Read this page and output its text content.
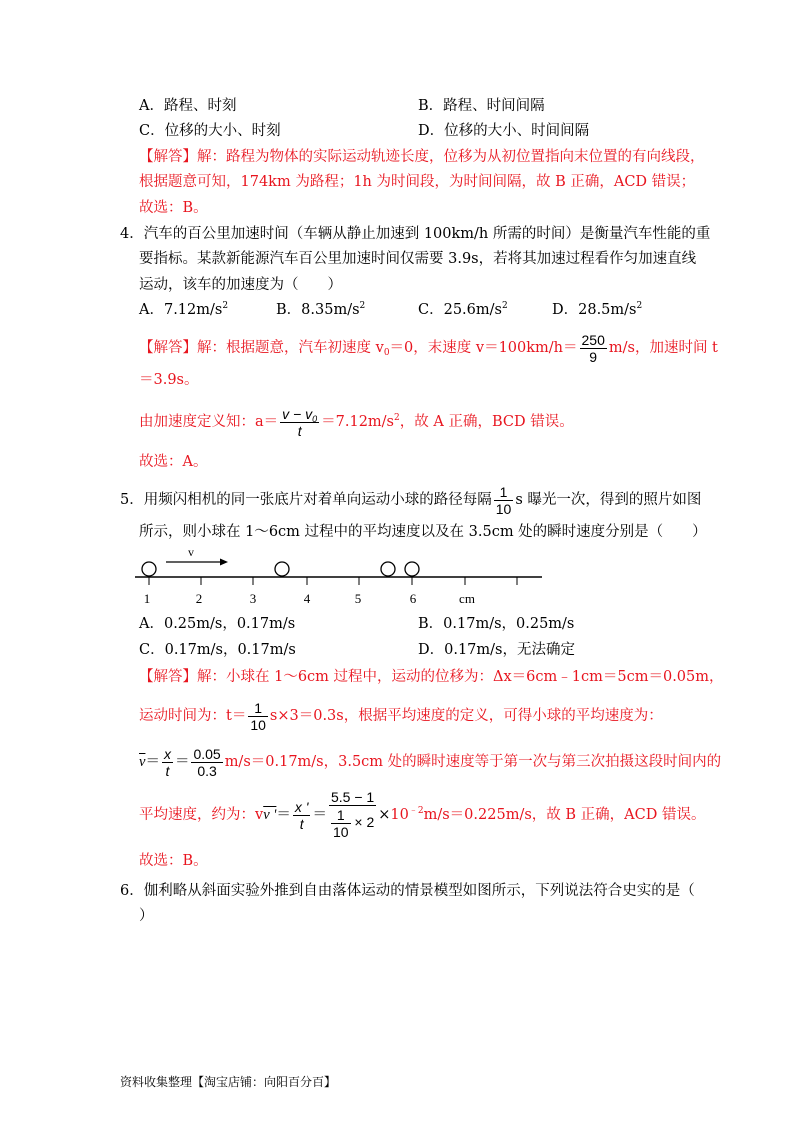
A．路程、时刻	B．路程、时间间隔
C．位移的大小、时刻	D．位移的大小、时间间隔
【解答】解：路程为物体的实际运动轨迹长度，位移为从初位置指向末位置的有向线段，
根据题意可知，174km 为路程；1h 为时间段，为时间间隔，故 B 正确，ACD 错误；
故选：B。
4．汽车的百公里加速时间（车辆从静止加速到 100km/h 所需的时间）是衡量汽车性能的重
要指标。某款新能源汽车百公里加速时间仅需要 3.9s，若将其加速过程看作匀加速直线
运动，该车的加速度为（　　）
A．$7.12m/s^2$	B．$8.35m/s^2$	C．$25.6m/s^2$	D．$28.5m/s^2$
【解答】解：根据题意，汽车初速度 $v_0=0$，末速度 $v=100km/h= \frac{250}{9} m/s$，加速时间 t
＝3.9s。
由加速度定义知：$a= \frac{v - v_0}{t} =7.12m/s^2$，故 A 正确，BCD 错误。
故选：A。
5．用频闪相机的同一张底片对着单向运动小球的路径每隔 $\frac{1}{10}$ s 曝光一次，得到的照片如图
所示，则小球在 1～6cm 过程中的平均速度以及在 3.5cm 处的瞬时速度分别是（　　）
v
1	2	3	4	5	6	cm
A．0.25m/s，0.17m/s	B．0.17m/s，0.25m/s
C．0.17m/s，0.17m/s	D．0.17m/s，无法确定
【解答】解：小球在 1～6cm 过程中，运动的位移为：Δx＝6cm﹣1cm＝5cm＝0.05m，
运动时间为：$t= \frac{1}{10} s\times 3=0.3s$，根据平均速度的定义，可得小球的平均速度为：
$\overline{v}= \frac{x}{t} = \frac{0.05}{0.3} m/s=0.17m/s$，3.5cm 处的瞬时速度等于第一次与第三次拍摄这段时间内的
平均速度，约为：vv '＝ $\frac{x '}{t} = \frac{5.5 - 1}{\frac{1}{10} \times 2} \times 10^{﹣2}m/s=0.225m/s$，故 B 正确，ACD 错误。
故选：B。
6．伽利略从斜面实验外推到自由落体运动的情景模型如图所示，下列说法符合史实的是（
）
资料收集整理【淘宝店铺：向阳百分百】
